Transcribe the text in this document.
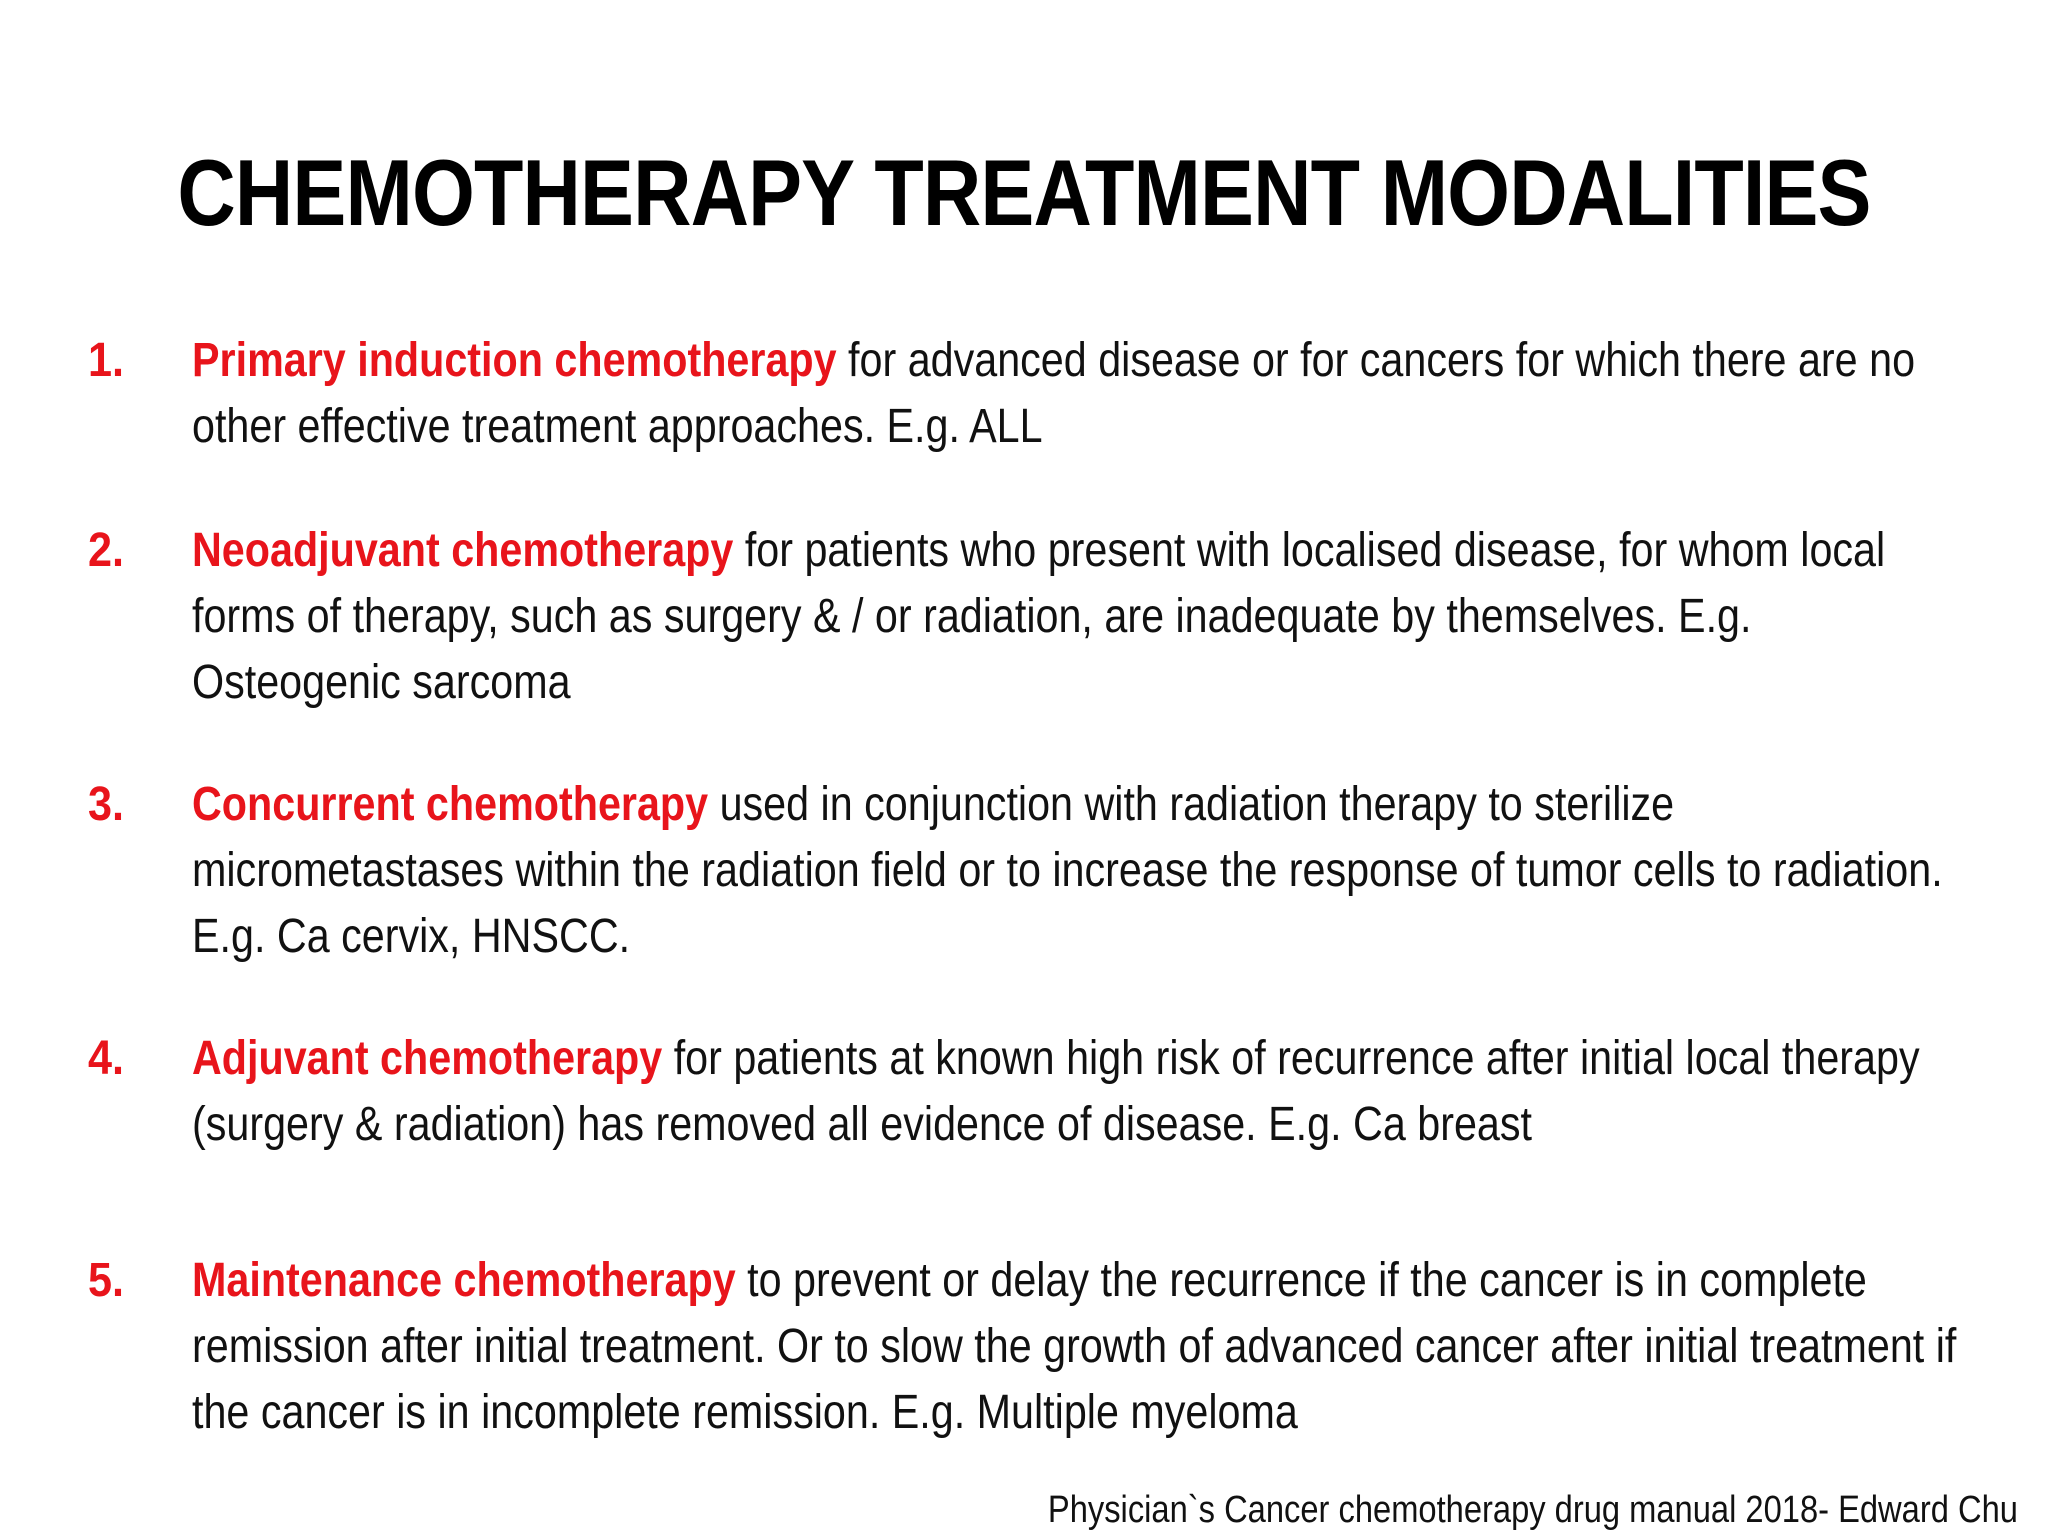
CHEMOTHERAPY TREATMENT MODALITIES
1.	Primary induction chemotherapy for advanced disease or for cancers for which there are no other effective treatment approaches. E.g. ALL
2.	Neoadjuvant chemotherapy for patients who present with localised disease, for whom local forms of therapy, such as surgery & / or radiation, are inadequate by themselves. E.g. Osteogenic sarcoma
3.	Concurrent chemotherapy used in conjunction with radiation therapy to sterilize micrometastases within the radiation field or to increase the response of tumor cells to radiation. E.g. Ca cervix, HNSCC.
4.	Adjuvant chemotherapy for patients at known high risk of recurrence after initial local therapy (surgery & radiation) has removed all evidence of disease. E.g. Ca breast
5.	Maintenance chemotherapy to prevent or delay the recurrence if the cancer is in complete remission after initial treatment. Or to slow the growth of advanced cancer after initial treatment if the cancer is in incomplete remission. E.g. Multiple myeloma
Physician`s Cancer chemotherapy drug manual 2018- Edward Chu
